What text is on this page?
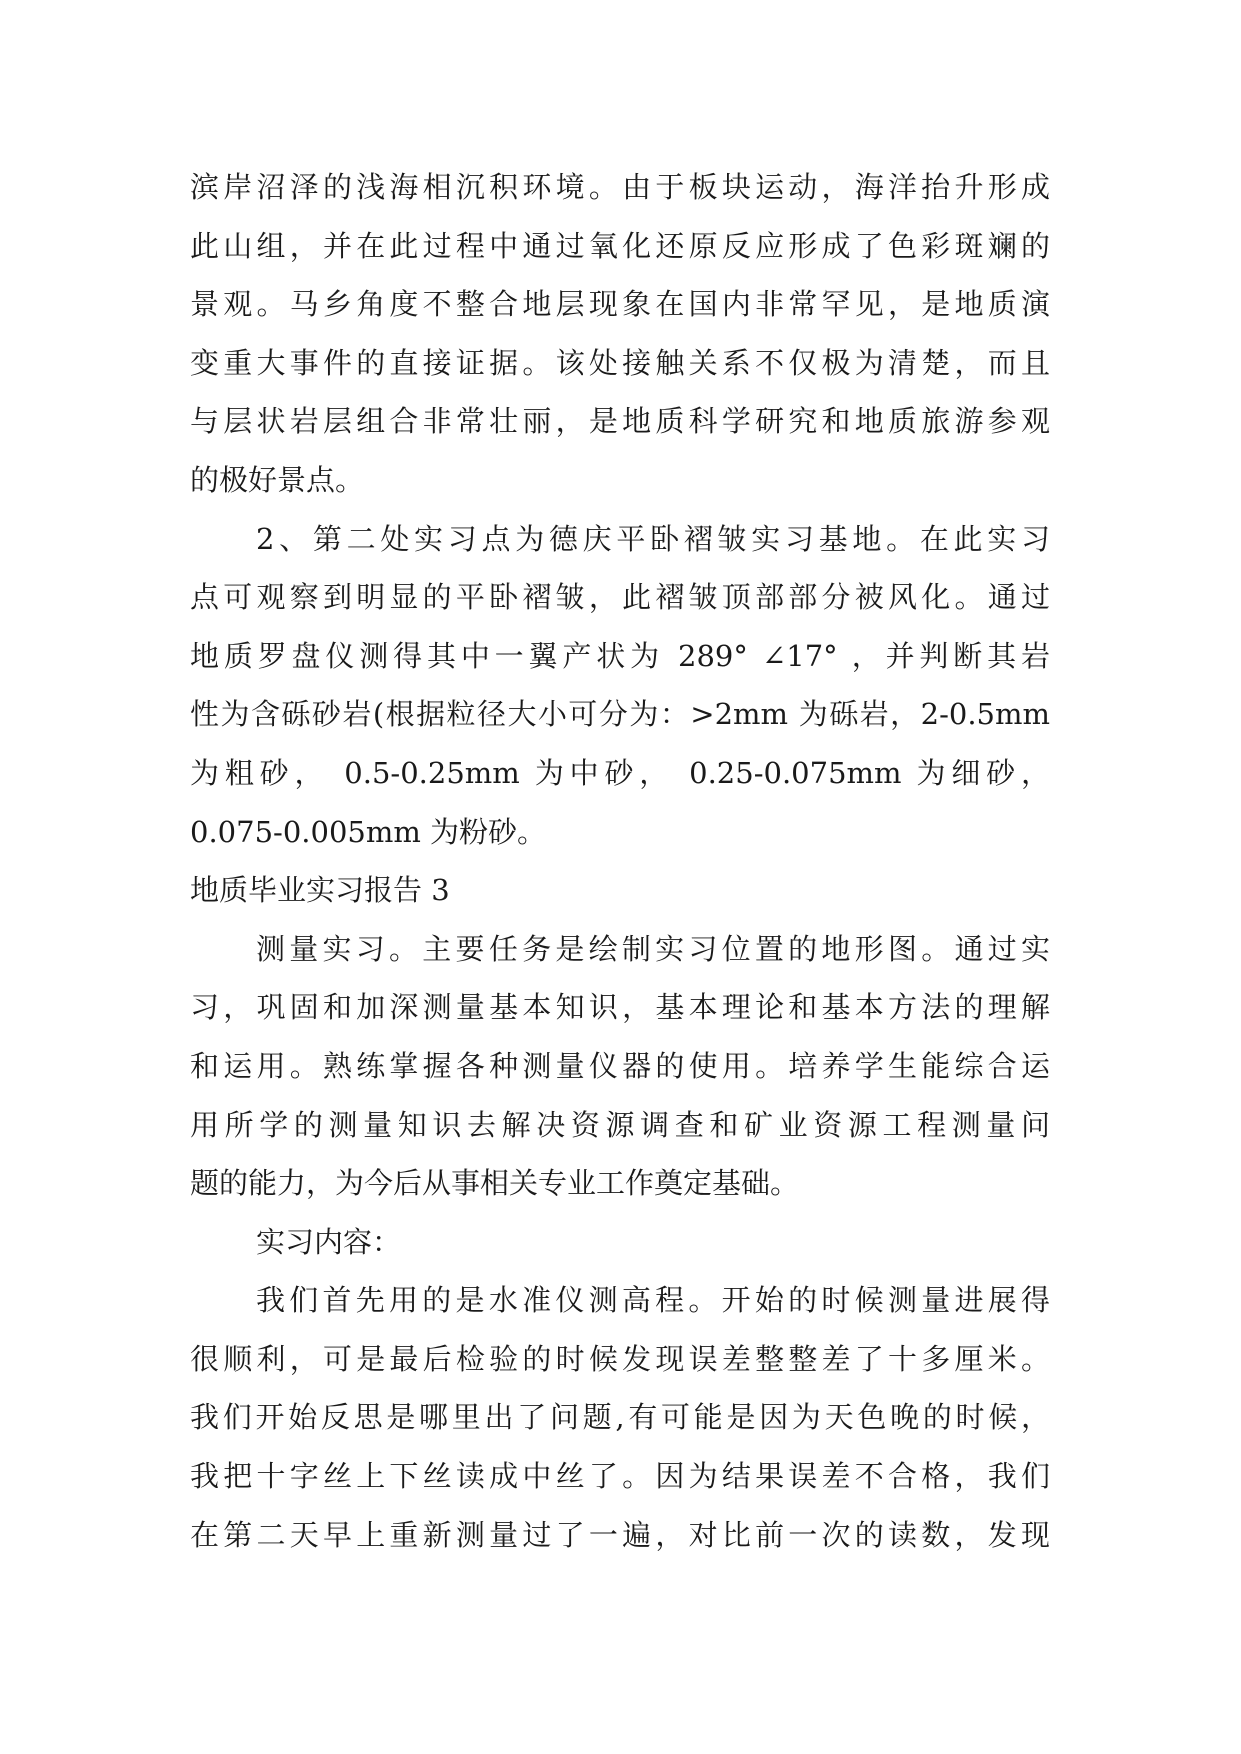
滨岸沼泽的浅海相沉积环境。由于板块运动，海洋抬升形成
此山组，并在此过程中通过氧化还原反应形成了色彩斑斓的
景观。马乡角度不整合地层现象在国内非常罕见，是地质演
变重大事件的直接证据。该处接触关系不仅极为清楚，而且
与层状岩层组合非常壮丽，是地质科学研究和地质旅游参观
的极好景点。
2、第二处实习点为德庆平卧褶皱实习基地。在此实习
点可观察到明显的平卧褶皱，此褶皱顶部部分被风化。通过
地质罗盘仪测得其中一翼产状为 289° ∠17° ，并判断其岩
性为含砾砂岩(根据粒径大小可分为：>2mm 为砾岩，2-0.5mm
为粗砂， 0.5-0.25mm 为中砂， 0.25-0.075mm 为细砂，
0.075-0.005mm 为粉砂。
地质毕业实习报告 3
测量实习。主要任务是绘制实习位置的地形图。通过实
习，巩固和加深测量基本知识，基本理论和基本方法的理解
和运用。熟练掌握各种测量仪器的使用。培养学生能综合运
用所学的测量知识去解决资源调查和矿业资源工程测量问
题的能力，为今后从事相关专业工作奠定基础。
实习内容：
我们首先用的是水准仪测高程。开始的时候测量进展得
很顺利，可是最后检验的时候发现误差整整差了十多厘米。
我们开始反思是哪里出了问题,有可能是因为天色晚的时候，
我把十字丝上下丝读成中丝了。因为结果误差不合格，我们
在第二天早上重新测量过了一遍，对比前一次的读数，发现
